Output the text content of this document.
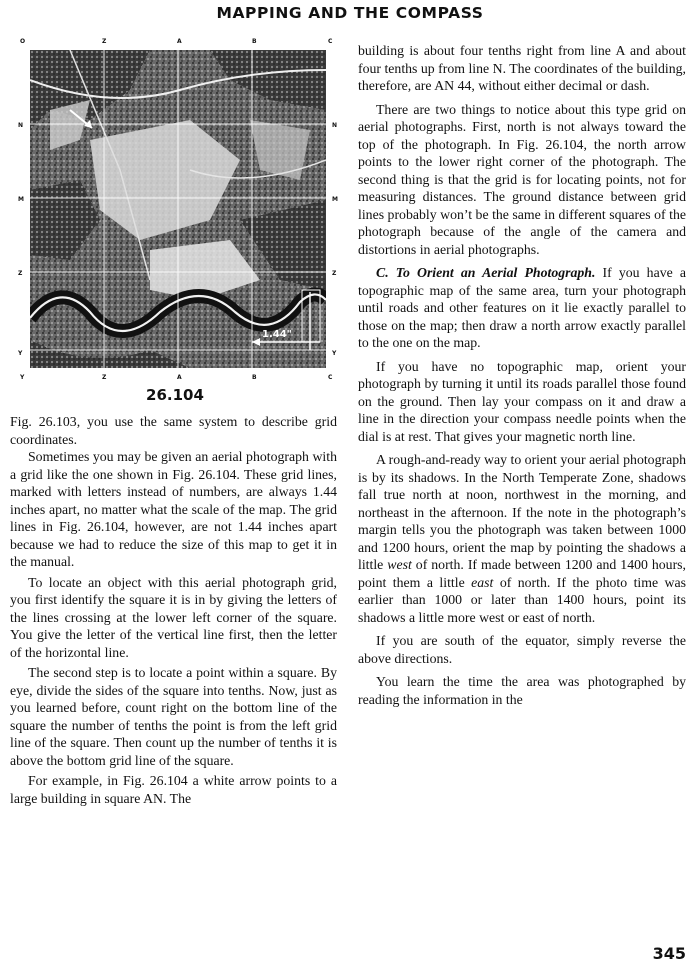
MAPPING AND THE COMPASS
O	Z	A	B	C
N
M
Z
Y
N
M
Z
Y
Y	Z	A	B	C
1.44"
26.104

Fig. 26.103, you use the same system to describe grid coordinates.

Sometimes you may be given an aerial photograph with a grid like the one shown in Fig. 26.104. These grid lines, marked with letters instead of numbers, are always 1.44 inches apart, no matter what the scale of the map. The grid lines in Fig. 26.104, however, are not 1.44 inches apart because we had to reduce the size of this map to get it in the manual.

To locate an object with this aerial photograph grid, you first identify the square it is in by giving the letters of the lines crossing at the lower left corner of the square. You give the letter of the vertical line first, then the letter of the horizontal line.

The second step is to locate a point within a square. By eye, divide the sides of the square into tenths. Now, just as you learned before, count right on the bottom line of the square the number of tenths the point is from the left grid line of the square. Then count up the number of tenths it is above the bottom grid line of the square.

For example, in Fig. 26.104 a white arrow points to a large building in square AN. The

building is about four tenths right from line A and about four tenths up from line N. The coordinates of the building, therefore, are AN 44, without either decimal or dash.

There are two things to notice about this type grid on aerial photographs. First, north is not always toward the top of the photograph. In Fig. 26.104, the north arrow points to the lower right corner of the photograph. The second thing is that the grid is for locating points, not for measuring distances. The ground distance between grid lines probably won’t be the same in different squares of the photograph because of the angle of the camera and distortions in aerial photographs.

C. To Orient an Aerial Photograph. If you have a topographic map of the same area, turn your photograph until roads and other features on it lie exactly parallel to those on the map; then draw a north arrow exactly parallel to the one on the map.

If you have no topographic map, orient your photograph by turning it until its roads parallel those found on the ground. Then lay your compass on it and draw a line in the direction your compass needle points when the dial is at rest. That gives your magnetic north line.

A rough-and-ready way to orient your aerial photograph is by its shadows. In the North Temperate Zone, shadows fall true north at noon, northwest in the morning, and northeast in the afternoon. If the note in the photograph’s margin tells you the photograph was taken between 1000 and 1200 hours, orient the map by pointing the shadows a little west of north. If made between 1200 and 1400 hours, point them a little east of north. If the photo time was earlier than 1000 or later than 1400 hours, point its shadows a little more west or east of north.

If you are south of the equator, simply reverse the above directions.

You learn the time the area was photographed by reading the information in the

345
